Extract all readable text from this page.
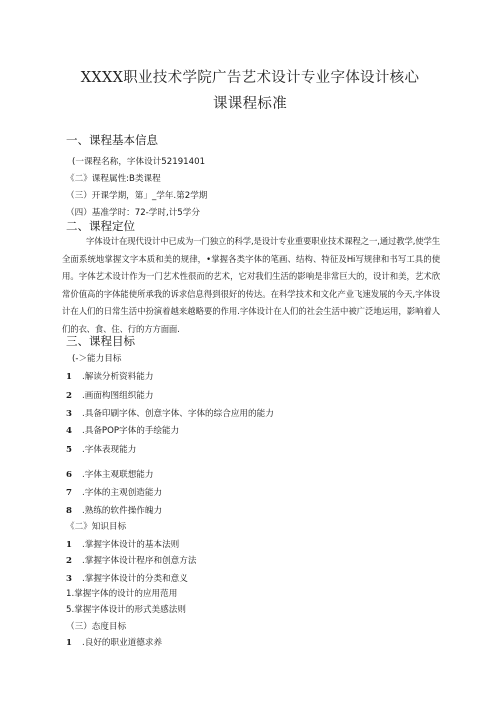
XXXX职业技术学院广告艺术设计专业字体设计核心
课课程标准
一、课程基本信息
(一课程名称，字体设计52191401
《二》课程属性:B类课程
（三）开课学期，第」_学年.第2学期
（四）基准学时：72-学时,计5学分
二、课程定位
字体设计在现代设计中已成为一门独立的科学,是设计专业重要职业技术课程之一,通过教学,使学生全面系统地掌握文字本质和美的规律，•掌握各类字体的笔画、结构、特征及Hi写规律和书写工具的使用。字体艺术设计作为一门艺术性很而的艺术，它对我们生活的影响是非常巨大的，设计和美，艺术欣常价值高的字体能使所承我的诉求信息得到很好的传达。在科学技术和文化产业飞速发展的今天,字体设计在人们的日常生活中扮演着越来越略要的作用.字体设计在人们的社会生活中被广泛地运用，影响着人们的衣、食、住、行的方方面面.
三、课程目标
(-＞能力目标
1 .解读分析资料能力
2 .画面构图组织能力
3 .具备印刷字体、创意字体、字体的综合应用的能力
4 .具备POP字体的手绘能力
5 .字体表现能力
6 .字体主观联想能力
7 .字体的主观创造能力
8 .熟练的软件操作魄力
《二》知识目标
1 .掌握字体设计的基本法则
2 .掌握字体设计程序和创意方法
3 .掌握字体设计的分类和意义
1.掌握字体的设计的应用范用
5.掌握字体设计的形式美感法则
（三）态度目标
1 .良好的职业道德求养
